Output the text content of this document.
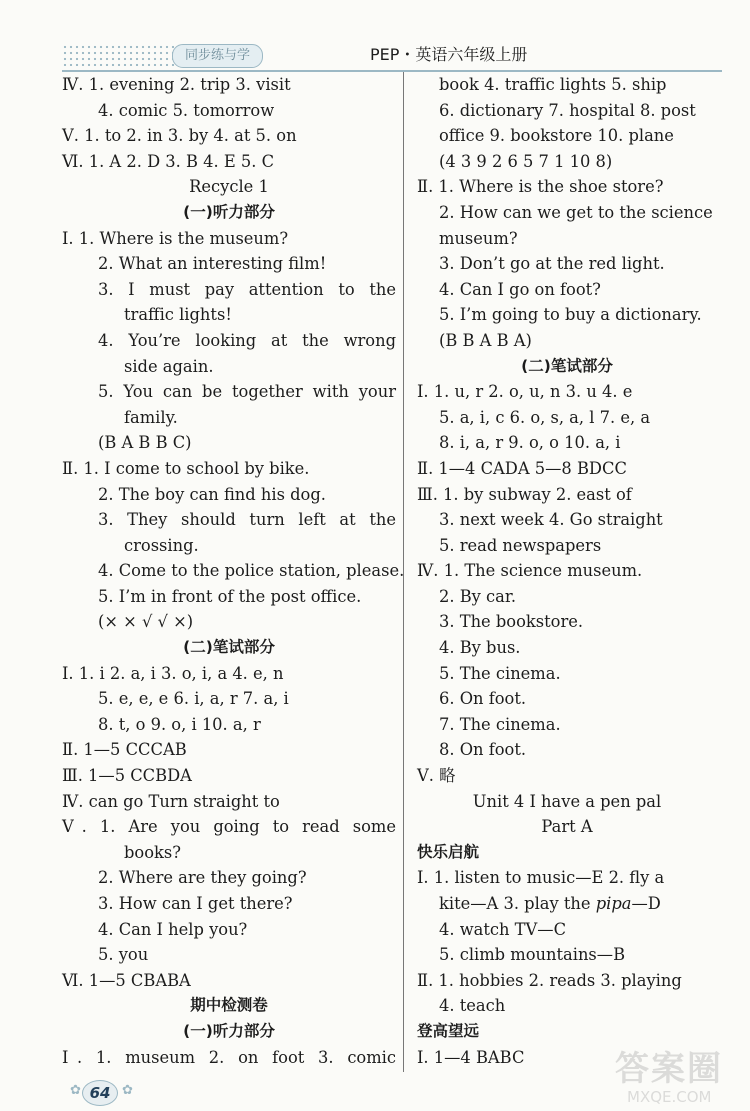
同步练与学	PEP・英语六年级上册
Ⅳ. 1. evening 2. trip 3. visit
4. comic 5. tomorrow
Ⅴ. 1. to 2. in 3. by 4. at 5. on
Ⅵ. 1. A 2. D 3. B 4. E 5. C
Recycle 1
(一)听力部分
Ⅰ. 1. Where is the museum?
2. What an interesting film!
3. I must pay attention to the
traffic lights!
4. You’re looking at the wrong
side again.
5. You can be together with your
family.
(B A B B C)
Ⅱ. 1. I come to school by bike.
2. The boy can find his dog.
3. They should turn left at the
crossing.
4. Come to the police station, please.
5. I’m in front of the post office.
(× × √ √ ×)
(二)笔试部分
Ⅰ. 1. i 2. a, i 3. o, i, a 4. e, n
5. e, e, e 6. i, a, r 7. a, i
8. t, o 9. o, i 10. a, r
Ⅱ. 1—5 CCCAB
Ⅲ. 1—5 CCBDA
Ⅳ. can go Turn straight to
Ⅴ. 1. Are you going to read some
books?
2. Where are they going?
3. How can I get there?
4. Can I help you?
5. you
Ⅵ. 1—5 CBABA
期中检测卷
(一)听力部分
Ⅰ. 1. museum 2. on foot 3. comic
book 4. traffic lights 5. ship
6. dictionary 7. hospital 8. post
office 9. bookstore 10. plane
(4 3 9 2 6 5 7 1 10 8)
Ⅱ. 1. Where is the shoe store?
2. How can we get to the science
museum?
3. Don’t go at the red light.
4. Can I go on foot?
5. I’m going to buy a dictionary.
(B B A B A)
(二)笔试部分
Ⅰ. 1. u, r 2. o, u, n 3. u 4. e
5. a, i, c 6. o, s, a, l 7. e, a
8. i, a, r 9. o, o 10. a, i
Ⅱ. 1—4 CADA 5—8 BDCC
Ⅲ. 1. by subway 2. east of
3. next week 4. Go straight
5. read newspapers
Ⅳ. 1. The science museum.
2. By car.
3. The bookstore.
4. By bus.
5. The cinema.
6. On foot.
7. The cinema.
8. On foot.
Ⅴ. 略
Unit 4 I have a pen pal
Part A
快乐启航
Ⅰ. 1. listen to music—E 2. fly a
kite—A 3. play the pipa—D
4. watch TV—C
5. climb mountains—B
Ⅱ. 1. hobbies 2. reads 3. playing
4. teach
登高望远
Ⅰ. 1—4 BABC
✿ 64 ✿
答案圈
MXQE.COM
